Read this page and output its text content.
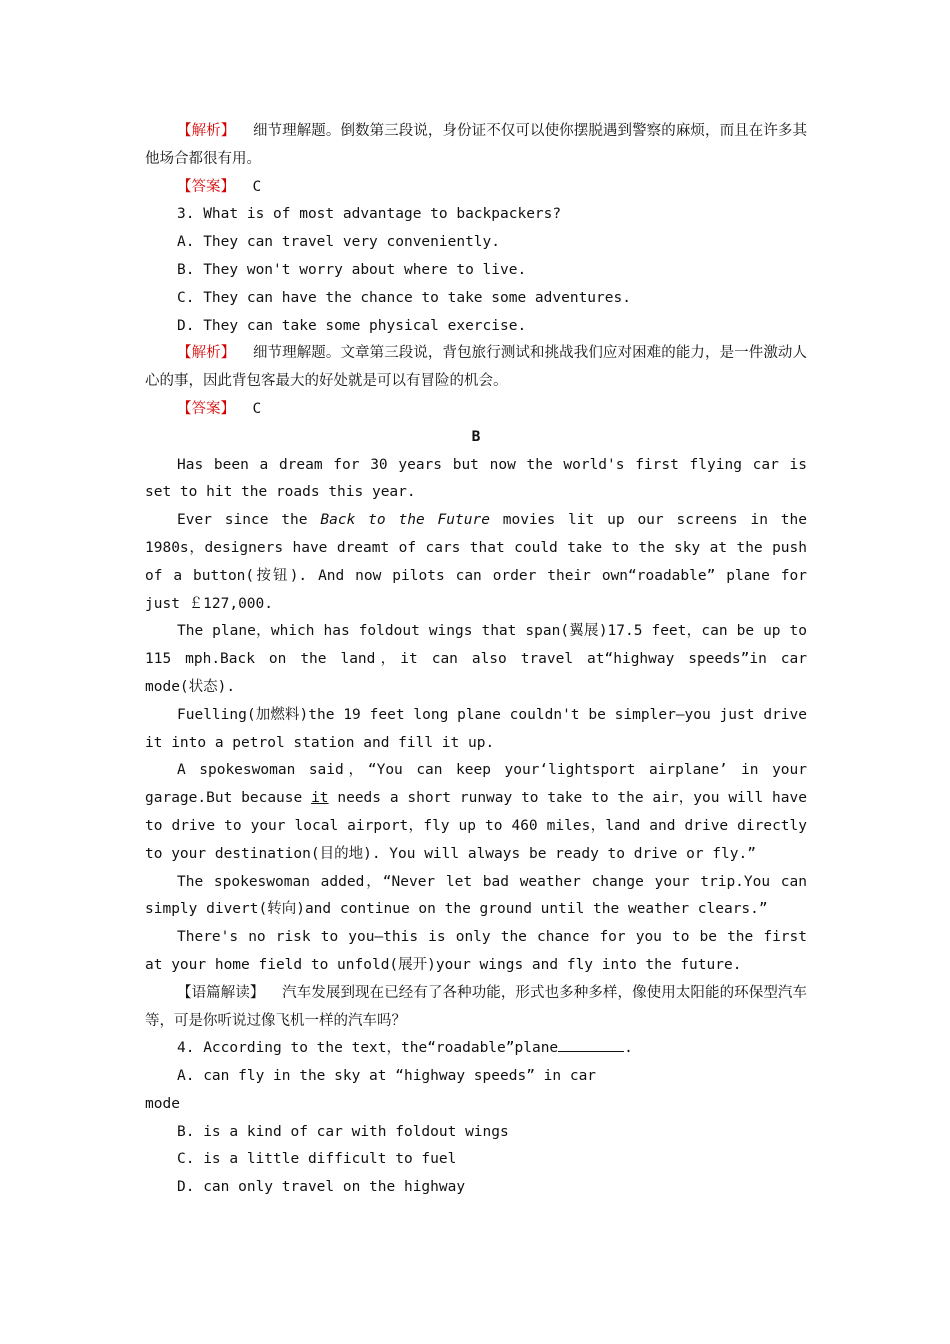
【解析】 细节理解题。倒数第三段说，身份证不仅可以使你摆脱遇到警察的麻烦，而且在许多其他场合都很有用。

【答案】 C

3. What is of most advantage to backpackers?

A. They can travel very conveniently.

B. They won't worry about where to live.

C. They can have the chance to take some adventures.

D. They can take some physical exercise.

【解析】 细节理解题。文章第三段说，背包旅行测试和挑战我们应对困难的能力，是一件激动人心的事，因此背包客最大的好处就是可以有冒险的机会。

【答案】 C

B

Has been a dream for 30 years but now the world's first flying car is set to hit the roads this year.

Ever since the Back to the Future movies lit up our screens in the 1980s，designers have dreamt of cars that could take to the sky at the push of a button(按钮). And now pilots can order their own“roadable” plane for just ￡127,000.

The plane，which has foldout wings that span(翼展)17.5 feet，can be up to 115 mph.Back on the land，it can also travel at“highway speeds”in car mode(状态).

Fuelling(加燃料)the 19 feet long plane couldn't be simpler—you just drive it into a petrol station and fill it up.

A spokeswoman said，“You can keep your‘lightsport airplane’ in your garage.But because it needs a short runway to take to the air，you will have to drive to your local airport，fly up to 460 miles，land and drive directly to your destination(目的地). You will always be ready to drive or fly.”

The spokeswoman added，“Never let bad weather change your trip.You can simply divert(转向)and continue on the ground until the weather clears.”

There's no risk to you—this is only the chance for you to be the first at your home field to unfold(展开)your wings and fly into the future.

【语篇解读】 汽车发展到现在已经有了各种功能，形式也多种多样，像使用太阳能的环保型汽车等，可是你听说过像飞机一样的汽车吗？

4. According to the text，the“roadable”plane	.

A. can fly in the sky at “highway speeds” in car mode

B. is a kind of car with foldout wings

C. is a little difficult to fuel

D. can only travel on the highway
